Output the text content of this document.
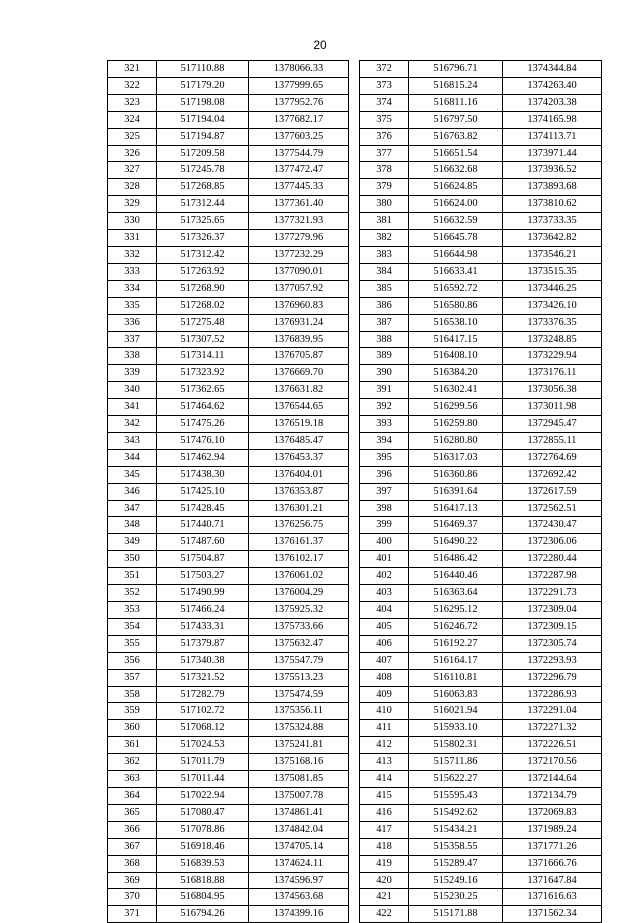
20
321	517110.88	1378066.33
322	517179.20	1377999.65
323	517198.08	1377952.76
324	517194.04	1377682.17
325	517194.87	1377603.25
326	517209.58	1377544.79
327	517245.78	1377472.47
328	517268.85	1377445.33
329	517312.44	1377361.40
330	517325.65	1377321.93
331	517326.37	1377279.96
332	517312.42	1377232.29
333	517263.92	1377090.01
334	517268.90	1377057.92
335	517268.02	1376960.83
336	517275.48	1376931.24
337	517307.52	1376839.95
338	517314.11	1376705.87
339	517323.92	1376669.70
340	517362.65	1376631.82
341	517464.62	1376544.65
342	517475.26	1376519.18
343	517476.10	1376485.47
344	517462.94	1376453.37
345	517438.30	1376404.01
346	517425.10	1376353.87
347	517428.45	1376301.21
348	517440.71	1376256.75
349	517487.60	1376161.37
350	517504.87	1376102.17
351	517503.27	1376061.02
352	517490.99	1376004.29
353	517466.24	1375925.32
354	517433.31	1375733.66
355	517379.87	1375632.47
356	517340.38	1375547.79
357	517321.52	1375513.23
358	517282.79	1375474.59
359	517102.72	1375356.11
360	517068.12	1375324.88
361	517024.53	1375241.81
362	517011.79	1375168.16
363	517011.44	1375081.85
364	517022.94	1375007.78
365	517080.47	1374861.41
366	517078.86	1374842.04
367	516918.46	1374705.14
368	516839.53	1374624.11
369	516818.88	1374596.97
370	516804.95	1374563.68
371	516794.26	1374399.16
372	516796.71	1374344.84
373	516815.24	1374263.40
374	516811.16	1374203.38
375	516797.50	1374165.98
376	516763.82	1374113.71
377	516651.54	1373971.44
378	516632.68	1373936.52
379	516624.85	1373893.68
380	516624.00	1373810.62
381	516632.59	1373733.35
382	516645.78	1373642.82
383	516644.98	1373546.21
384	516633.41	1373515.35
385	516592.72	1373446.25
386	516580.86	1373426.10
387	516538.10	1373376.35
388	516417.15	1373248.85
389	516408.10	1373229.94
390	516384.20	1373176.11
391	516302.41	1373056.38
392	516299.56	1373011.98
393	516259.80	1372945.47
394	516280.80	1372855.11
395	516317.03	1372764.69
396	516360.86	1372692.42
397	516391.64	1372617.59
398	516417.13	1372562.51
399	516469.37	1372430.47
400	516490.22	1372306.06
401	516486.42	1372280.44
402	516440.46	1372287.98
403	516363.64	1372291.73
404	516295.12	1372309.04
405	516246.72	1372309.15
406	516192.27	1372305.74
407	516164.17	1372293.93
408	516110.81	1372296.79
409	516063.83	1372286.93
410	516021.94	1372291.04
411	515933.10	1372271.32
412	515802.31	1372226.51
413	515711.86	1372170.56
414	515622.27	1372144.64
415	515595.43	1372134.79
416	515492.62	1372069.83
417	515434.21	1371989.24
418	515358.55	1371771.26
419	515289.47	1371666.76
420	515249.16	1371647.84
421	515230.25	1371616.63
422	515171.88	1371562.34
